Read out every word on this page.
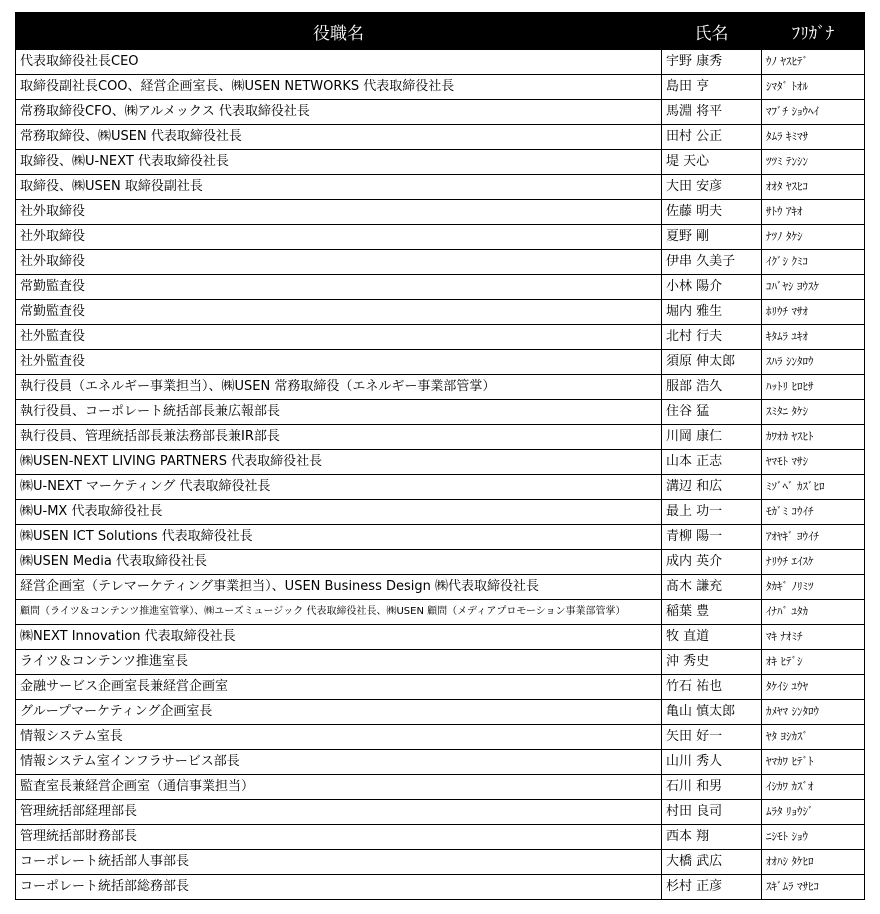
役職名	氏名	ﾌﾘｶﾞﾅ
代表取締役社長CEO	宇野 康秀	ｳﾉ ﾔｽﾋﾃﾞ
取締役副社長COO、経営企画室長、㈱USEN NETWORKS 代表取締役社長	島田 亨	ｼﾏﾀﾞ ﾄｵﾙ
常務取締役CFO、㈱アルメックス 代表取締役社長	馬淵 将平	ﾏﾌﾞﾁ ｼｮｳﾍｲ
常務取締役、㈱USEN 代表取締役社長	田村 公正	ﾀﾑﾗ ｷﾐﾏｻ
取締役、㈱U-NEXT 代表取締役社長	堤 天心	ﾂﾂﾐ ﾃﾝｼﾝ
取締役、㈱USEN 取締役副社長	大田 安彦	ｵｵﾀ ﾔｽﾋｺ
社外取締役	佐藤 明夫	ｻﾄｳ ｱｷｵ
社外取締役	夏野 剛	ﾅﾂﾉ ﾀｹｼ
社外取締役	伊串 久美子	ｲｸﾞｼ ｸﾐｺ
常勤監査役	小林 陽介	ｺﾊﾞﾔｼ ﾖｳｽｹ
常勤監査役	堀内 雅生	ﾎﾘｳﾁ ﾏｻｵ
社外監査役	北村 行夫	ｷﾀﾑﾗ ﾕｷｵ
社外監査役	須原 伸太郎	ｽﾊﾗ ｼﾝﾀﾛｳ
執行役員（エネルギー事業担当）、㈱USEN 常務取締役（エネルギー事業部管掌）	服部 浩久	ﾊｯﾄﾘ ﾋﾛﾋｻ
執行役員、コーポレート統括部長兼広報部長	住谷 猛	ｽﾐﾀﾆ ﾀｹｼ
執行役員、管理統括部長兼法務部長兼IR部長	川岡 康仁	ｶﾜｵｶ ﾔｽﾋﾄ
㈱USEN-NEXT LIVING PARTNERS 代表取締役社長	山本 正志	ﾔﾏﾓﾄ ﾏｻｼ
㈱U-NEXT マーケティング 代表取締役社長	溝辺 和広	ﾐｿﾞﾍﾞ ｶｽﾞﾋﾛ
㈱U-MX 代表取締役社長	最上 功一	ﾓｶﾞﾐ ｺｳｲﾁ
㈱USEN ICT Solutions 代表取締役社長	青柳 陽一	ｱｵﾔｷﾞ ﾖｳｲﾁ
㈱USEN Media 代表取締役社長	成内 英介	ﾅﾘｳﾁ ｴｲｽｹ
経営企画室（テレマーケティング事業担当）、USEN Business Design ㈱代表取締役社長	髙木 謙充	ﾀｶｷﾞ ﾉﾘﾐﾂ
顧問（ライツ＆コンテンツ推進室管掌）、㈱ユーズミュージック 代表取締役社長、㈱USEN 顧問（メディアプロモーション事業部管掌）	稲葉 豊	ｲﾅﾊﾞ ﾕﾀｶ
㈱NEXT Innovation 代表取締役社長	牧 直道	ﾏｷ ﾅｵﾐﾁ
ライツ＆コンテンツ推進室長	沖 秀史	ｵｷ ﾋﾃﾞｼ
金融サービス企画室長兼経営企画室	竹石 祐也	ﾀｹｲｼ ﾕｳﾔ
グループマーケティング企画室長	亀山 慎太郎	ｶﾒﾔﾏ ｼﾝﾀﾛｳ
情報システム室長	矢田 好一	ﾔﾀ ﾖｼｶｽﾞ
情報システム室インフラサービス部長	山川 秀人	ﾔﾏｶﾜ ﾋﾃﾞﾄ
監査室長兼経営企画室（通信事業担当）	石川 和男	ｲｼｶﾜ ｶｽﾞｵ
管理統括部経理部長	村田 良司	ﾑﾗﾀ ﾘｮｳｼﾞ
管理統括部財務部長	西本 翔	ﾆｼﾓﾄ ｼｮｳ
コーポレート統括部人事部長	大橋 武広	ｵｵﾊｼ ﾀｹﾋﾛ
コーポレート統括部総務部長	杉村 正彦	ｽｷﾞﾑﾗ ﾏｻﾋｺ
